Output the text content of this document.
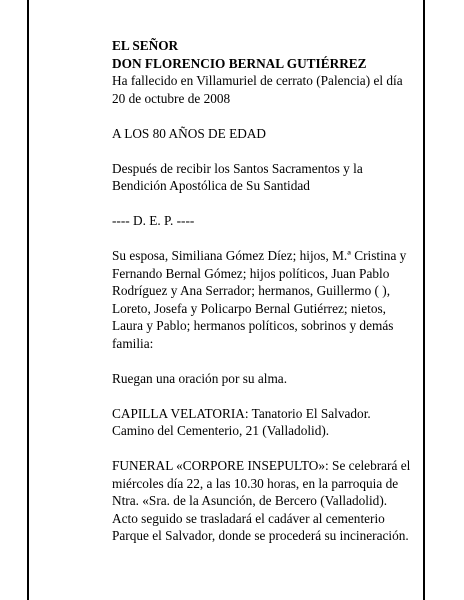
EL SEÑOR
DON FLORENCIO BERNAL GUTIÉRREZ
Ha fallecido en Villamuriel de cerrato (Palencia) el día
20 de octubre de 2008

A LOS 80 AÑOS DE EDAD

Después de recibir los Santos Sacramentos y la
Bendición Apostólica de Su Santidad

---- D. E. P. ----

Su esposa, Similiana Gómez Díez; hijos, M.ª Cristina y
Fernando Bernal Gómez; hijos políticos, Juan Pablo
Rodríguez y Ana Serrador; hermanos, Guillermo ( ),
Loreto, Josefa y Policarpo Bernal Gutiérrez; nietos,
Laura y Pablo; hermanos políticos, sobrinos y demás
familia:

Ruegan una oración por su alma.

CAPILLA VELATORIA: Tanatorio El Salvador.
Camino del Cementerio, 21 (Valladolid).

FUNERAL «CORPORE INSEPULTO»: Se celebrará el
miércoles día 22, a las 10.30 horas, en la parroquia de
Ntra. «Sra. de la Asunción, de Bercero (Valladolid).
Acto seguido se trasladará el cadáver al cementerio
Parque el Salvador, donde se procederá su incineración.
